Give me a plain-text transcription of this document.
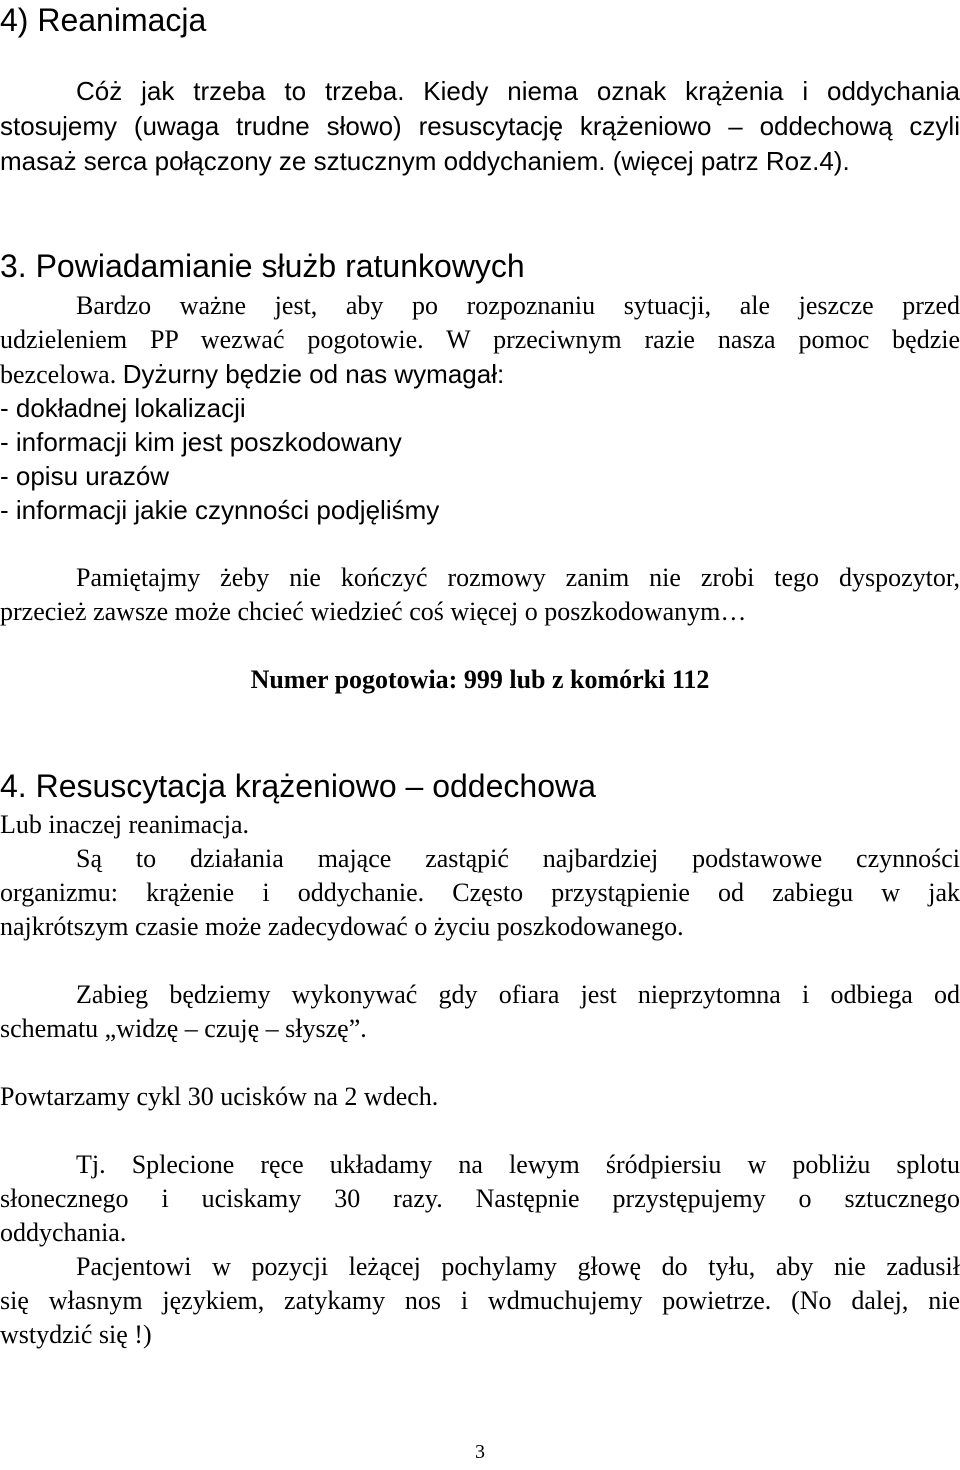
4) Reanimacja
Cóż jak trzeba to trzeba. Kiedy niema oznak krążenia i oddychania
stosujemy (uwaga trudne słowo) resuscytację krążeniowo – oddechową czyli
masaż serca połączony ze sztucznym oddychaniem. (więcej patrz Roz.4).
3. Powiadamianie służb ratunkowych
Bardzo ważne jest, aby po rozpoznaniu sytuacji, ale jeszcze przed
udzieleniem PP wezwać pogotowie. W przeciwnym razie nasza pomoc będzie
bezcelowa. Dyżurny będzie od nas wymagał:
- dokładnej lokalizacji
- informacji kim jest poszkodowany
- opisu urazów
- informacji jakie czynności podjęliśmy
Pamiętajmy żeby nie kończyć rozmowy zanim nie zrobi tego dyspozytor,
przecież zawsze może chcieć wiedzieć coś więcej o poszkodowanym…
Numer pogotowia: 999 lub z komórki 112
4. Resuscytacja krążeniowo – oddechowa
Lub inaczej reanimacja.
Są to działania mające zastąpić najbardziej podstawowe czynności
organizmu: krążenie i oddychanie. Często przystąpienie od zabiegu w jak
najkrótszym czasie może zadecydować o życiu poszkodowanego.
Zabieg będziemy wykonywać gdy ofiara jest nieprzytomna i odbiega od
schematu „widzę – czuję – słyszę”.
Powtarzamy cykl 30 ucisków na 2 wdech.
Tj. Splecione ręce układamy na lewym śródpiersiu w pobliżu splotu
słonecznego i uciskamy 30 razy. Następnie przystępujemy o sztucznego
oddychania.
Pacjentowi w pozycji leżącej pochylamy głowę do tyłu, aby nie zadusił
się własnym językiem, zatykamy nos i wdmuchujemy powietrze. (No dalej, nie
wstydzić się !)
3
